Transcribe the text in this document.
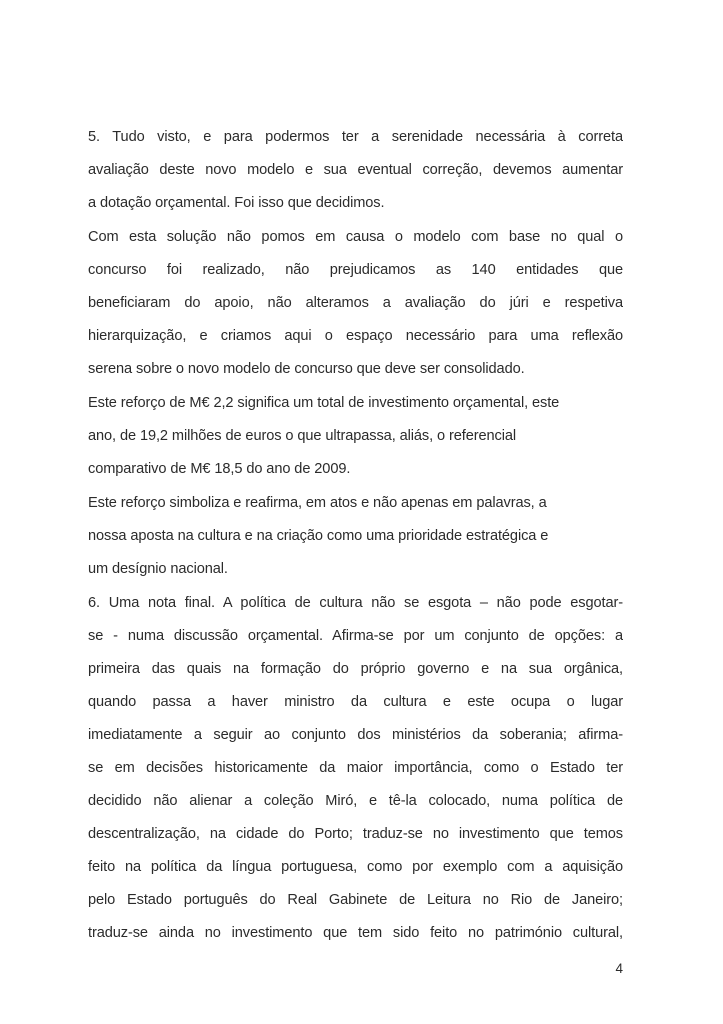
5. Tudo visto, e para podermos ter a serenidade necessária à correta
avaliação deste novo modelo e sua eventual correção, devemos aumentar
a dotação orçamental. Foi isso que decidimos.
Com esta solução não pomos em causa o modelo com base no qual o
concurso foi realizado, não prejudicamos as 140 entidades que
beneficiaram do apoio, não alteramos a avaliação do júri e respetiva
hierarquização, e criamos aqui o espaço necessário para uma reflexão
serena sobre o novo modelo de concurso que deve ser consolidado.
Este reforço de M€ 2,2 significa um total de investimento orçamental, este
ano, de 19,2 milhões de euros o que ultrapassa, aliás, o referencial
comparativo de M€ 18,5 do ano de 2009.
Este reforço simboliza e reafirma, em atos e não apenas em palavras, a
nossa aposta na cultura e na criação como uma prioridade estratégica e
um desígnio nacional.
6. Uma nota final. A política de cultura não se esgota – não pode esgotar-
se - numa discussão orçamental. Afirma-se por um conjunto de opções: a
primeira das quais na formação do próprio governo e na sua orgânica,
quando passa a haver ministro da cultura e este ocupa o lugar
imediatamente a seguir ao conjunto dos ministérios da soberania; afirma-
se em decisões historicamente da maior importância, como o Estado ter
decidido não alienar a coleção Miró, e tê-la colocado, numa política de
descentralização, na cidade do Porto; traduz-se no investimento que temos
feito na política da língua portuguesa, como por exemplo com a aquisição
pelo Estado português do Real Gabinete de Leitura no Rio de Janeiro;
traduz-se ainda no investimento que tem sido feito no património cultural,
4
